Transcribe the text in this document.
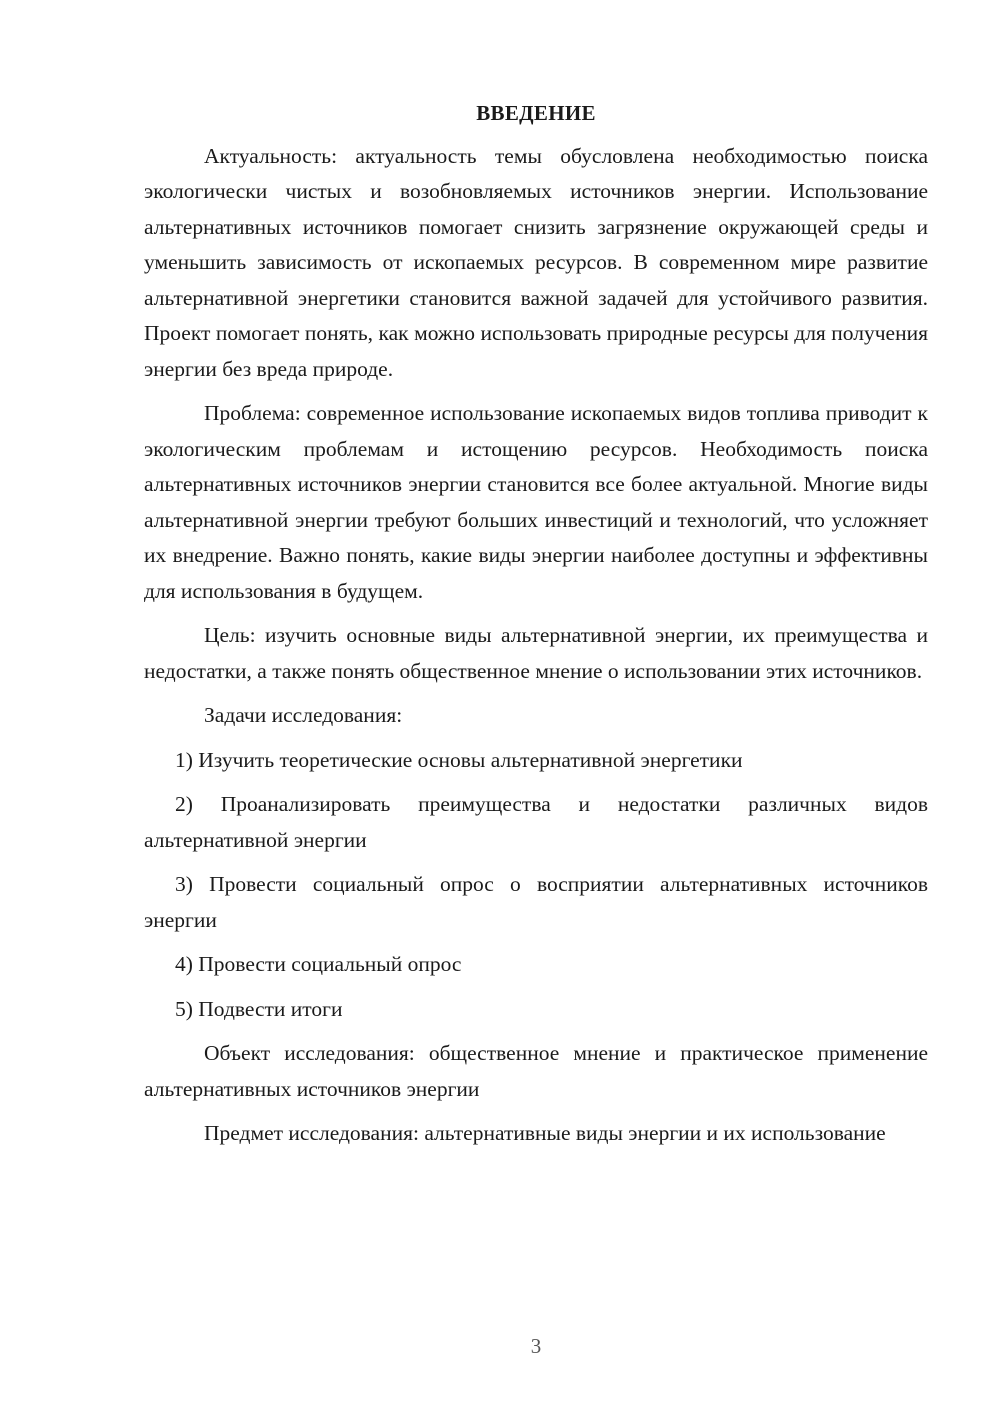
ВВЕДЕНИЕ

Актуальность: актуальность темы обусловлена необходимостью поиска экологически чистых и возобновляемых источников энергии. Использование альтернативных источников помогает снизить загрязнение окружающей среды и уменьшить зависимость от ископаемых ресурсов. В современном мире развитие альтернативной энергетики становится важной задачей для устойчивого развития. Проект помогает понять, как можно использовать природные ресурсы для получения энергии без вреда природе.

Проблема: современное использование ископаемых видов топлива приводит к экологическим проблемам и истощению ресурсов. Необходимость поиска альтернативных источников энергии становится все более актуальной. Многие виды альтернативной энергии требуют больших инвестиций и технологий, что усложняет их внедрение. Важно понять, какие виды энергии наиболее доступны и эффективны для использования в будущем.

Цель: изучить основные виды альтернативной энергии, их преимущества и недостатки, а также понять общественное мнение о использовании этих источников.

Задачи исследования:

1) Изучить теоретические основы альтернативной энергетики

2) Проанализировать преимущества и недостатки различных видов альтернативной энергии

3) Провести социальный опрос о восприятии альтернативных источников энергии

4) Провести социальный опрос

5) Подвести итоги

Объект исследования: общественное мнение и практическое применение альтернативных источников энергии

Предмет исследования: альтернативные виды энергии и их использование

3
